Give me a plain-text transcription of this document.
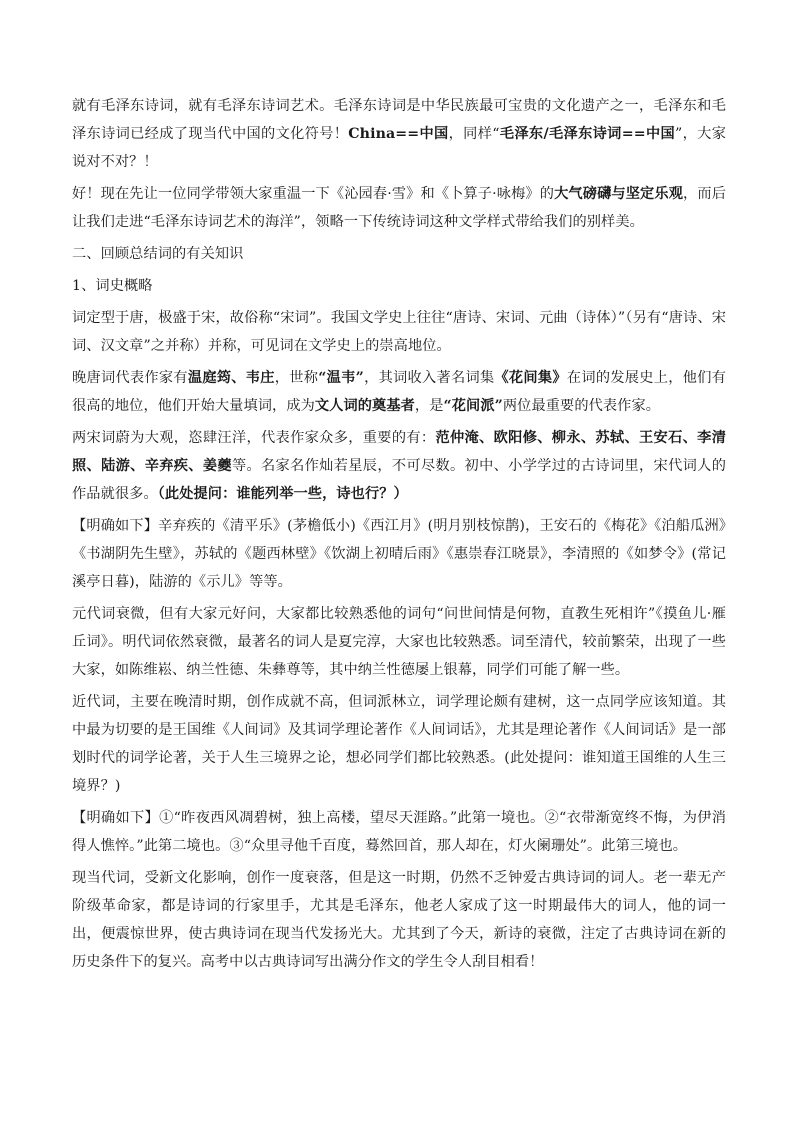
就有毛泽东诗词，就有毛泽东诗词艺术。毛泽东诗词是中华民族最可宝贵的文化遗产之一，毛泽东和毛泽东诗词已经成了现当代中国的文化符号！China==中国，同样“毛泽东/毛泽东诗词==中国”，大家说对不对？！

好！现在先让一位同学带领大家重温一下《沁园春·雪》和《卜算子·咏梅》的大气磅礴与坚定乐观，而后让我们走进“毛泽东诗词艺术的海洋”，领略一下传统诗词这种文学样式带给我们的别样美。

二、回顾总结词的有关知识

1、词史概略

词定型于唐，极盛于宋，故俗称“宋词”。我国文学史上往往“唐诗、宋词、元曲（诗体）”（另有“唐诗、宋词、汉文章”之并称）并称，可见词在文学史上的崇高地位。

晚唐词代表作家有温庭筠、韦庄，世称“温韦”，其词收入著名词集《花间集》在词的发展史上，他们有很高的地位，他们开始大量填词，成为文人词的奠基者，是“花间派”两位最重要的代表作家。

两宋词蔚为大观，恣肆汪洋，代表作家众多，重要的有：范仲淹、欧阳修、柳永、苏轼、王安石、李清照、陆游、辛弃疾、姜夔等。名家名作灿若星辰，不可尽数。初中、小学学过的古诗词里，宋代词人的作品就很多。（此处提问：谁能列举一些，诗也行？）

【明确如下】辛弃疾的《清平乐》(茅檐低小)《西江月》(明月别枝惊鹊)，王安石的《梅花》《泊船瓜洲》《书湖阴先生壁》，苏轼的《题西林壁》《饮湖上初晴后雨》《惠崇春江晓景》，李清照的《如梦令》(常记溪亭日暮)，陆游的《示儿》等等。

元代词衰微，但有大家元好问，大家都比较熟悉他的词句“问世间情是何物，直教生死相许”《摸鱼儿·雁丘词》。明代词依然衰微，最著名的词人是夏完淳，大家也比较熟悉。词至清代，较前繁荣，出现了一些大家，如陈维崧、纳兰性德、朱彝尊等，其中纳兰性德屡上银幕，同学们可能了解一些。

近代词，主要在晚清时期，创作成就不高，但词派林立，词学理论颇有建树，这一点同学应该知道。其中最为切要的是王国维《人间词》及其词学理论著作《人间词话》，尤其是理论著作《人间词话》是一部划时代的词学论著，关于人生三境界之论，想必同学们都比较熟悉。(此处提问：谁知道王国维的人生三境界？)

【明确如下】①“昨夜西风凋碧树，独上高楼，望尽天涯路。”此第一境也。②“衣带渐宽终不悔，为伊消得人憔悴。”此第二境也。③“众里寻他千百度，蓦然回首，那人却在，灯火阑珊处”。此第三境也。

现当代词，受新文化影响，创作一度衰落，但是这一时期，仍然不乏钟爱古典诗词的词人。老一辈无产阶级革命家，都是诗词的行家里手，尤其是毛泽东，他老人家成了这一时期最伟大的词人，他的词一出，便震惊世界，使古典诗词在现当代发扬光大。尤其到了今天，新诗的衰微，注定了古典诗词在新的历史条件下的复兴。高考中以古典诗词写出满分作文的学生令人刮目相看！
